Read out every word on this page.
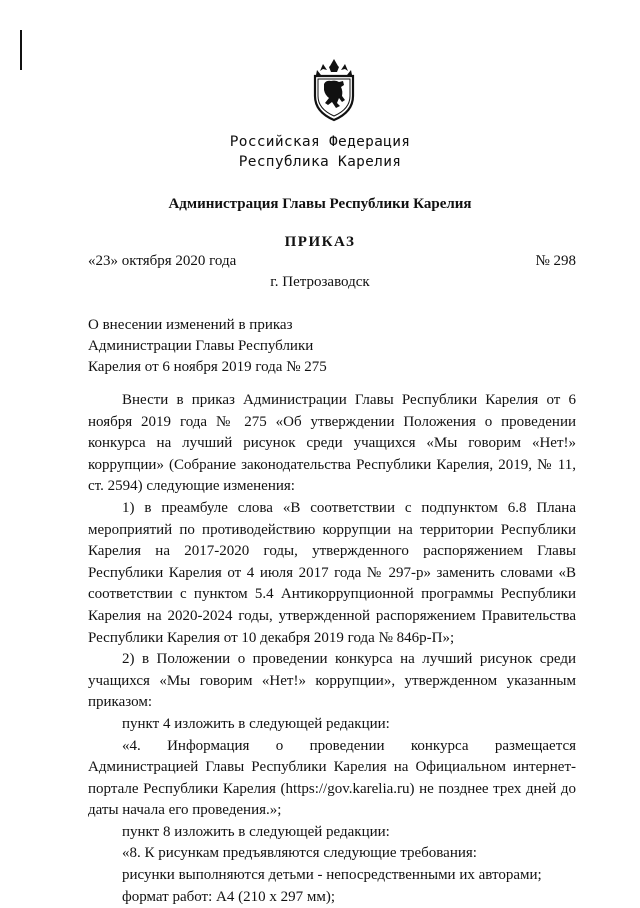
Российская Федерация
Республика Карелия
Администрация Главы Республики Карелия
ПРИКАЗ
«23» октября 2020 года	№ 298
г. Петрозаводск
О внесении изменений в приказ
Администрации Главы Республики
Карелия от 6 ноября 2019 года № 275

Внести в приказ Администрации Главы Республики Карелия от 6 ноября 2019 года № 275 «Об утверждении Положения о проведении конкурса на лучший рисунок среди учащихся «Мы говорим «Нет!» коррупции» (Собрание законодательства Республики Карелия, 2019, № 11, ст. 2594) следующие изменения:

1) в преамбуле слова «В соответствии с подпунктом 6.8 Плана мероприятий по противодействию коррупции на территории Республики Карелия на 2017-2020 годы, утвержденного распоряжением Главы Республики Карелия от 4 июля 2017 года № 297-р» заменить словами «В соответствии с пунктом 5.4 Антикоррупционной программы Республики Карелия на 2020-2024 годы, утвержденной распоряжением Правительства Республики Карелия от 10 декабря 2019 года № 846р-П»;

2) в Положении о проведении конкурса на лучший рисунок среди учащихся «Мы говорим «Нет!» коррупции», утвержденном указанным приказом:

пункт 4 изложить в следующей редакции:

«4. Информация о проведении конкурса размещается Администрацией Главы Республики Карелия на Официальном интернет-портале Республики Карелия (https://gov.karelia.ru) не позднее трех дней до даты начала его проведения.»;

пункт 8 изложить в следующей редакции:

«8. К рисункам предъявляются следующие требования:

рисунки выполняются детьми - непосредственными их авторами;

формат работ: А4 (210 х 297 мм);
